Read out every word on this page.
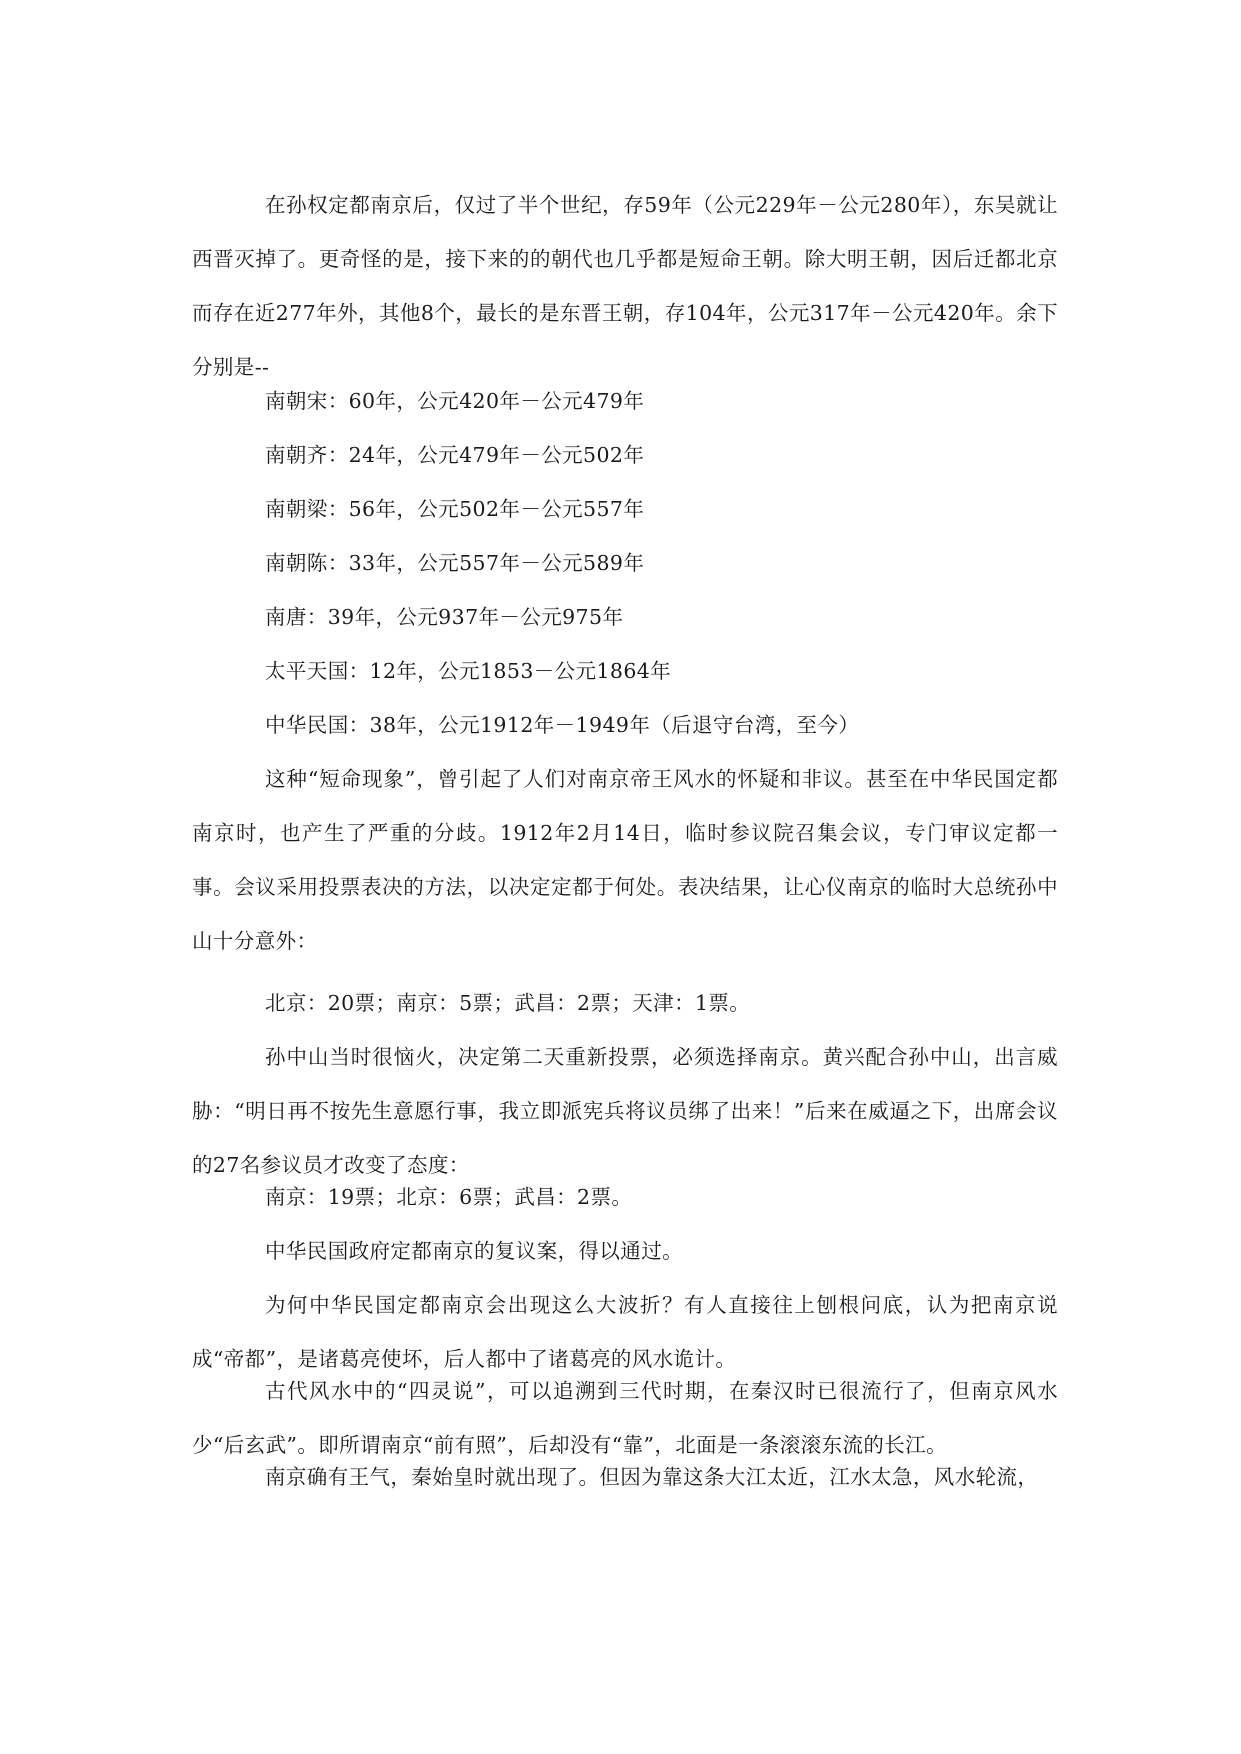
在孙权定都南京后，仅过了半个世纪，存59年（公元229年－公元280年），东吴就让西晋灭掉了。更奇怪的是，接下来的的朝代也几乎都是短命王朝。除大明王朝，因后迁都北京而存在近277年外，其他8个，最长的是东晋王朝，存104年，公元317年－公元420年。余下分别是--

南朝宋：60年，公元420年－公元479年

南朝齐：24年，公元479年－公元502年

南朝梁：56年，公元502年－公元557年

南朝陈：33年，公元557年－公元589年

南唐：39年，公元937年－公元975年

太平天国：12年，公元1853－公元1864年

中华民国：38年，公元1912年－1949年（后退守台湾，至今）

这种“短命现象”，曾引起了人们对南京帝王风水的怀疑和非议。甚至在中华民国定都南京时，也产生了严重的分歧。1912年2月14日，临时参议院召集会议，专门审议定都一事。会议采用投票表决的方法，以决定定都于何处。表决结果，让心仪南京的临时大总统孙中山十分意外：

北京：20票；南京：5票；武昌：2票；天津：1票。

孙中山当时很恼火，决定第二天重新投票，必须选择南京。黄兴配合孙中山，出言威胁：“明日再不按先生意愿行事，我立即派宪兵将议员绑了出来！”后来在威逼之下，出席会议的27名参议员才改变了态度：

南京：19票；北京：6票；武昌：2票。

中华民国政府定都南京的复议案，得以通过。

为何中华民国定都南京会出现这么大波折？有人直接往上刨根问底，认为把南京说成“帝都”，是诸葛亮使坏，后人都中了诸葛亮的风水诡计。

古代风水中的“四灵说”，可以追溯到三代时期，在秦汉时已很流行了，但南京风水少“后玄武”。即所谓南京“前有照”，后却没有“靠”，北面是一条滚滚东流的长江。

南京确有王气，秦始皇时就出现了。但因为靠这条大江太近，江水太急，风水轮流，
